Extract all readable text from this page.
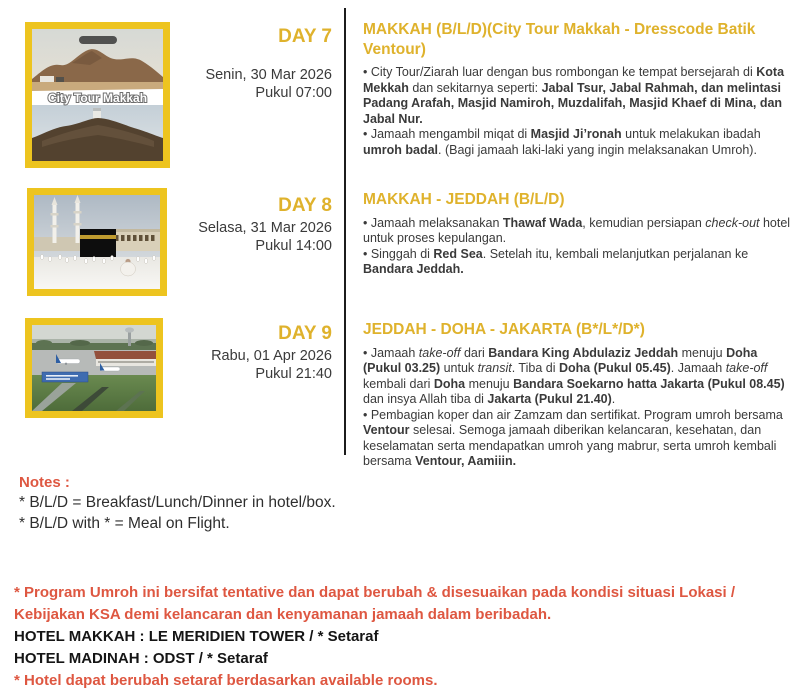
City Tour Makkah
DAY 7
Senin, 30 Mar 2026
Pukul 07:00
MAKKAH (B/L/D)(City Tour Makkah - Dresscode Batik Ventour)

• City Tour/Ziarah luar dengan bus rombongan ke tempat bersejarah di Kota Mekkah dan sekitarnya seperti: Jabal Tsur, Jabal Rahmah, dan melintasi Padang Arafah, Masjid Namiroh, Muzdalifah, Masjid Khaef di Mina, dan Jabal Nur.

• Jamaah mengambil miqat di Masjid Ji’ronah untuk melakukan ibadah umroh badal. (Bagi jamaah laki-laki yang ingin melaksanakan Umroh).

DAY 8
Selasa, 31 Mar 2026
Pukul 14:00
MAKKAH - JEDDAH (B/L/D)

• Jamaah melaksanakan Thawaf Wada, kemudian persiapan check-out hotel untuk proses kepulangan.

• Singgah di Red Sea. Setelah itu, kembali melanjutkan perjalanan ke Bandara Jeddah.

DAY 9
Rabu, 01 Apr 2026
Pukul 21:40
JEDDAH - DOHA - JAKARTA (B*/L*/D*)

• Jamaah take-off dari Bandara King Abdulaziz Jeddah menuju Doha (Pukul 03.25) untuk transit. Tiba di Doha (Pukul 05.45). Jamaah take-off kembali dari Doha menuju Bandara Soekarno hatta Jakarta (Pukul 08.45) dan insya Allah tiba di Jakarta (Pukul 21.40).

• Pembagian koper dan air Zamzam dan sertifikat. Program umroh bersama Ventour selesai. Semoga jamaah diberikan kelancaran, kesehatan, dan keselamatan serta mendapatkan umroh yang mabrur, serta umroh kembali bersama Ventour, Aamiiin.

Notes :
* B/L/D = Breakfast/Lunch/Dinner in hotel/box.
* B/L/D with * = Meal on Flight.

* Program Umroh ini bersifat tentative dan dapat berubah & disesuaikan pada kondisi situasi Lokasi / Kebijakan KSA demi kelancaran dan kenyamanan jamaah dalam beribadah.

HOTEL MAKKAH : LE MERIDIEN TOWER / * Setaraf

HOTEL MADINAH : ODST / * Setaraf

* Hotel dapat berubah setaraf berdasarkan available rooms.
